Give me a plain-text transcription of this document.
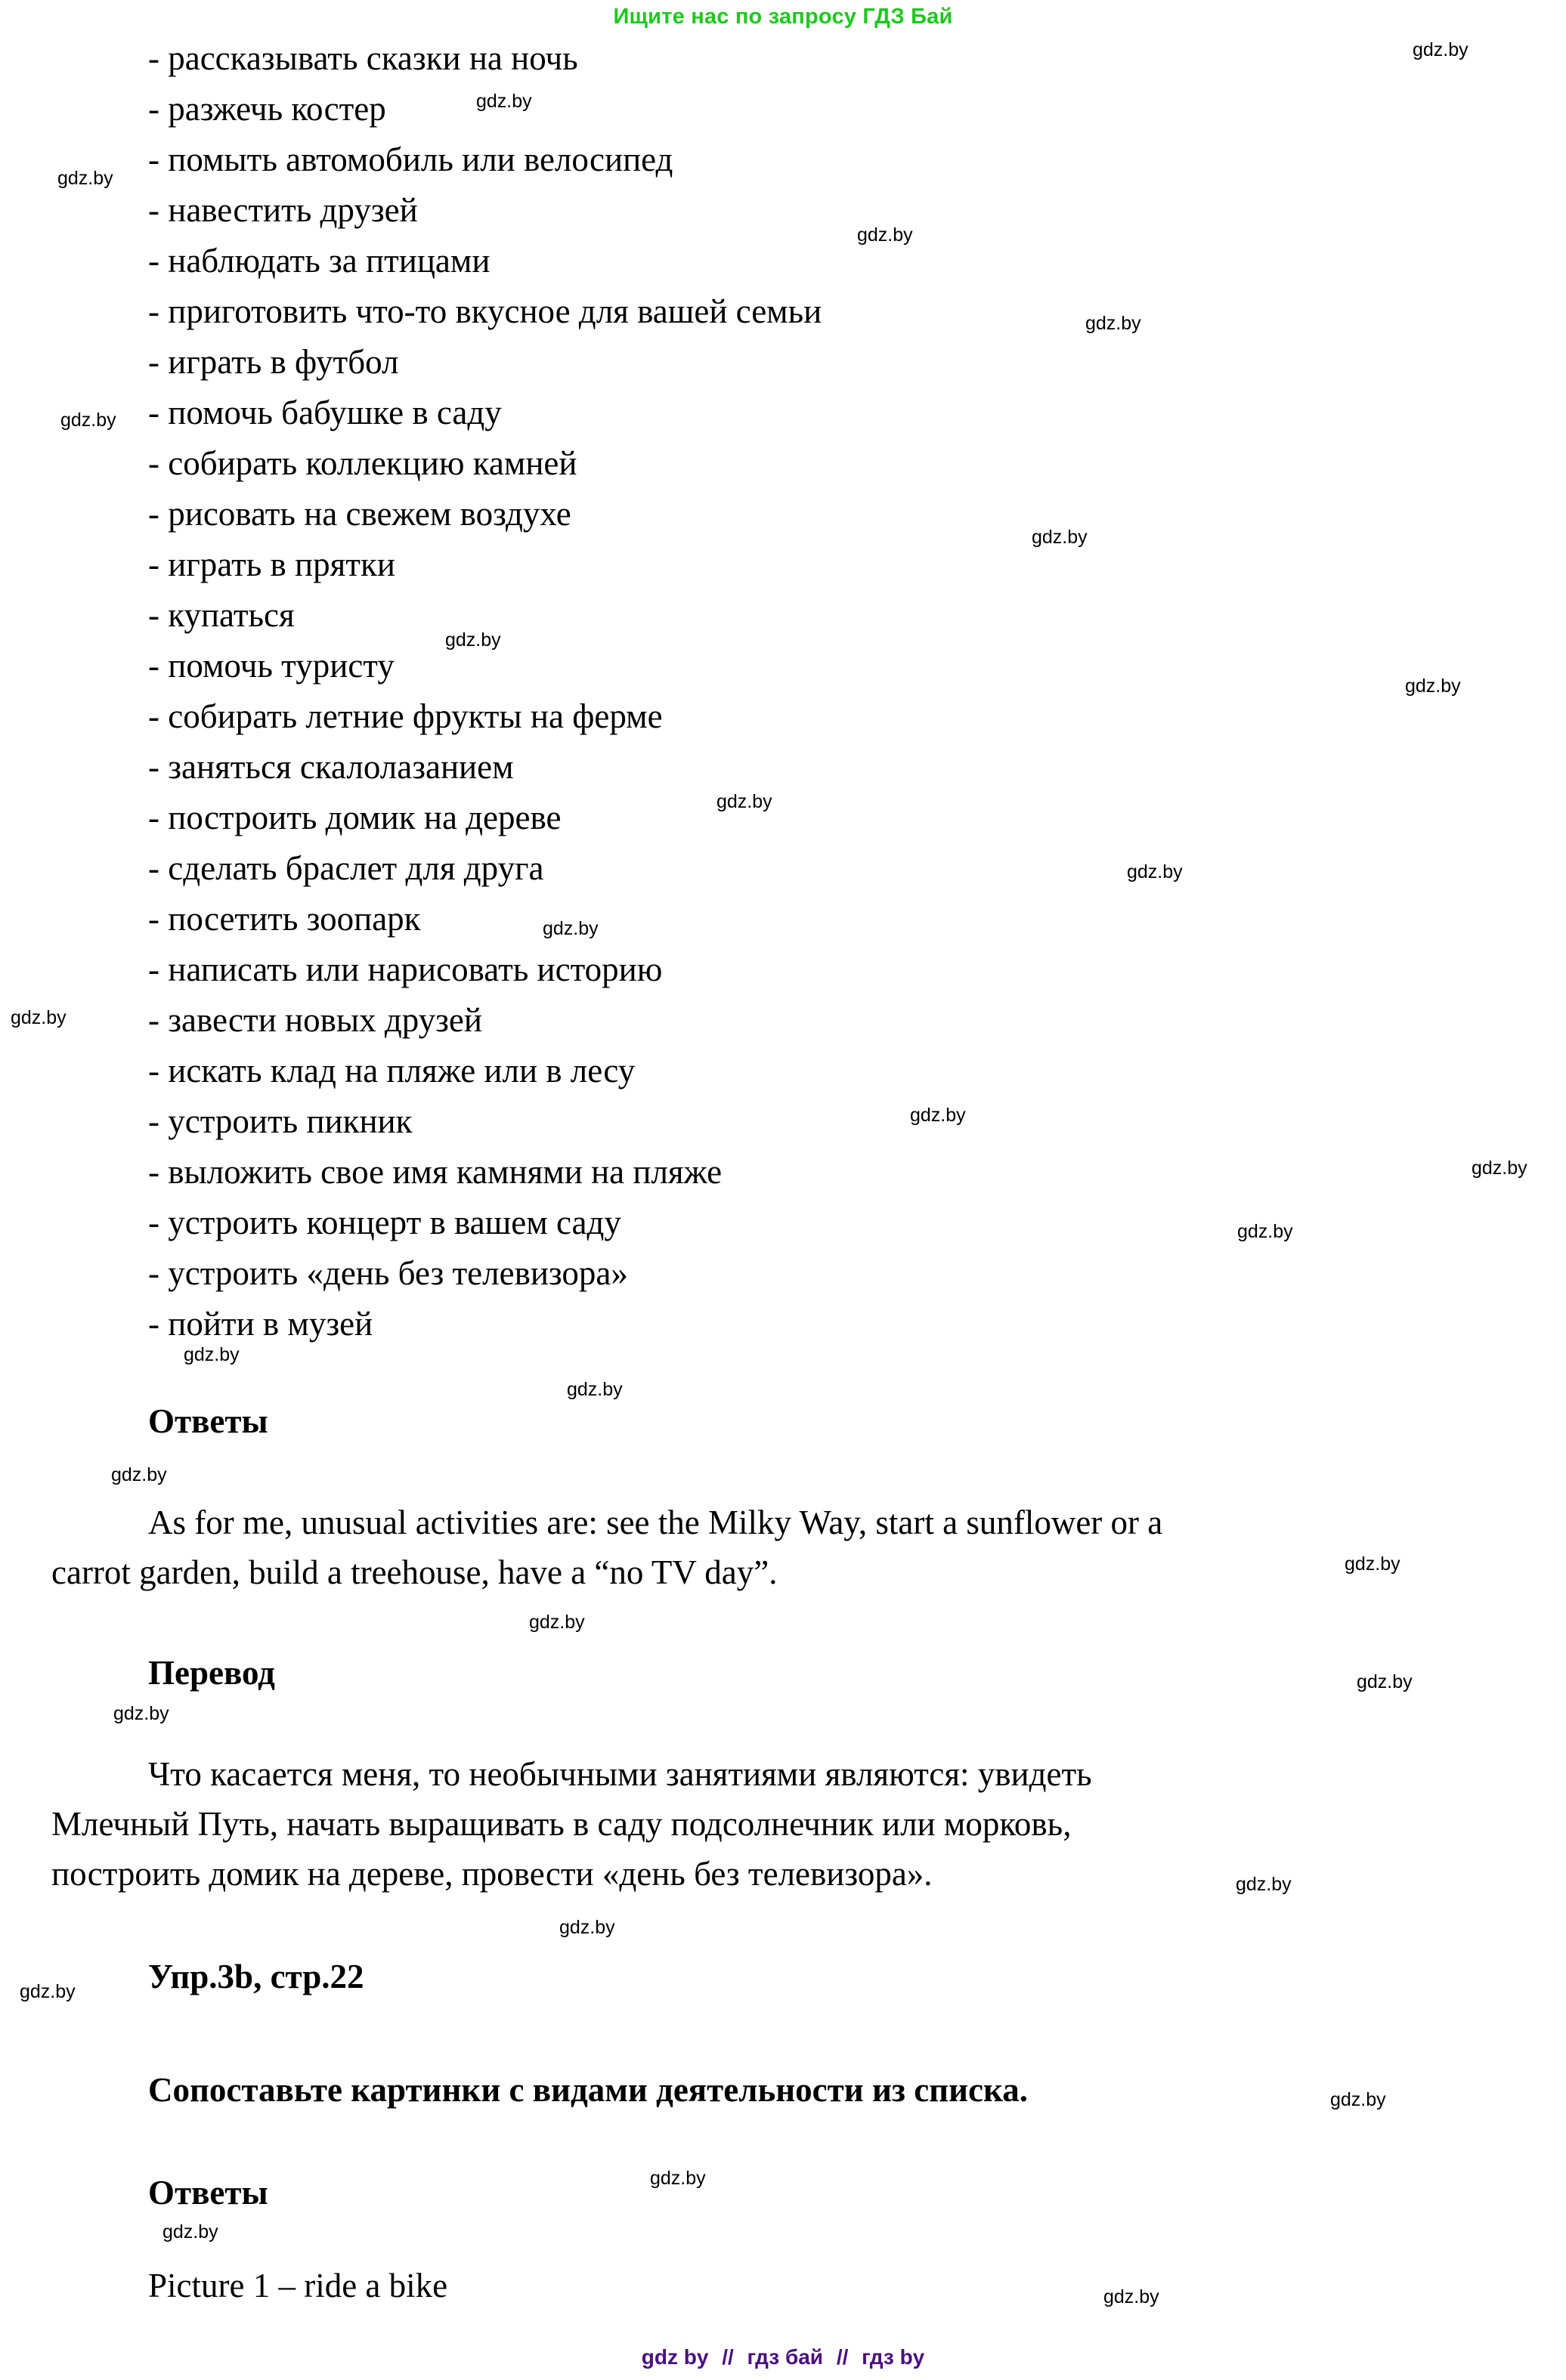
Ищите нас по запросу ГДЗ Бай
- рассказывать сказки на ночь
- разжечь костер
- помыть автомобиль или велосипед
- навестить друзей
- наблюдать за птицами
- приготовить что-то вкусное для вашей семьи
- играть в футбол
- помочь бабушке в саду
- собирать коллекцию камней
- рисовать на свежем воздухе
- играть в прятки
- купаться
- помочь туристу
- собирать летние фрукты на ферме
- заняться скалолазанием
- построить домик на дереве
- сделать браслет для друга
- посетить зоопарк
- написать или нарисовать историю
- завести новых друзей
- искать клад на пляже или в лесу
- устроить пикник
- выложить свое имя камнями на пляже
- устроить концерт в вашем саду
- устроить «день без телевизора»
- пойти в музей
Ответы
As for me, unusual activities are: see the Milky Way, start a sunflower or a
carrot garden, build a treehouse, have a “no TV day”.
Перевод
Что касается меня, то необычными занятиями являются: увидеть
Млечный Путь, начать выращивать в саду подсолнечник или морковь,
построить домик на дереве, провести «день без телевизора».
Упр.3b, стр.22
Сопоставьте картинки с видами деятельности из списка.
Ответы
Picture 1 – ride a bike
gdz.by
gdz.by
gdz.by
gdz.by
gdz.by
gdz.by
gdz.by
gdz.by
gdz.by
gdz.by
gdz.by
gdz.by
gdz.by
gdz.by
gdz.by
gdz.by
gdz.by
gdz.by
gdz.by
gdz.by
gdz.by
gdz.by
gdz.by
gdz.by
gdz.by
gdz.by
gdz.by
gdz.by
gdz.by
gdz.by
gdz by // гдз бай // гдз by
